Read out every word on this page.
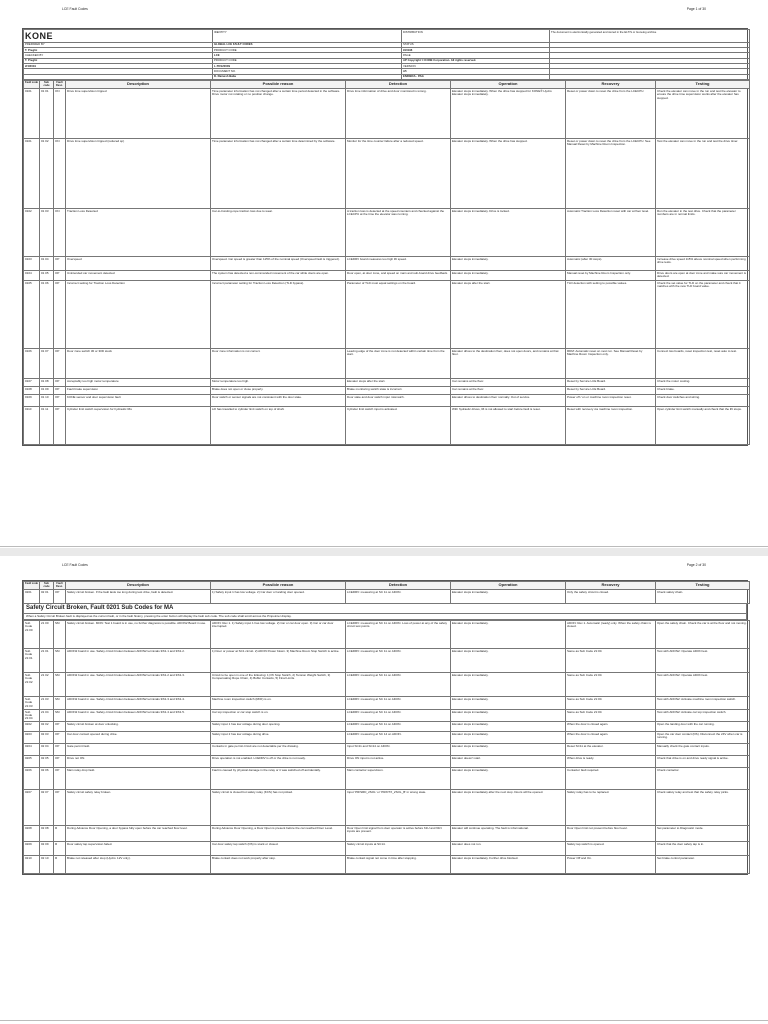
LCE Fault Codes	Page 1 of 30
KONE	IDENTITY	DISTRIBUTION	The document is electronically generated and stored in the ELT/S or Gonelog archive
PREPARED BY	GLOBAL LCE FAULT CODES	STATUS	
T. Preglic	PRODUCT CODE	910196	
CHECKED BY	LCE	PAGE	
T. Preglic	PRODUCT CODE	AP Copyright © KONE Corporation. All rights reserved.	
2/4/2019	L-TKS20009	VERSION	
	DOCUMENT NO.	A5	
	D. Ramesh Babu	ENR/EDA · PAG	
Fault code	Sub code	Fault Desc.	Description	Possible reason	Detection	Operation	Recovery	Testing
0101	01 01	ON	Drive time supervision tripped	Time parameter information has not changed after a certain time period detected in the software. Drive motor not rotating or no position change.	Drive time information of drive and door monitored is wrong.	Elevator stops immediately. When the drive has stopped for KONE® Hydro: Elevator stops immediately.	Reset or power down to reset the drive from the LCECPU.	Check the elevator can move in the run and test the elevator to ensure the drive time supervision works after the elevator has stopped.
0101	01 02	ON	Drive time supervision tripped (reduced sp)	Time parameter information has not changed after a certain time determined by the software.	Monitor for the time counter failure after a reduced speed.	Elevator stops immediately. When the drive has stopped.	Reset or power down to reset the drive from the LCECPU. See Manual Reset by Machine Room Inspection.	Test the elevator can move in the run and test the drive timer.
0102	01 03	ON	Traction Loss Detected	Car-to-hoisting-rope traction loss due to wear.	A traction loss is detected at the speed counters and checked against the LCECPU at the time the elevator was running.	Elevator stops immediately. Drive is locked.	Automatic Traction Loss Detection reset with car at floor level.	Run the elevator in the test drive. Check that the parameter numbers are in normal limits.
0103	01 04	OP	Overspeed	Overspeed. Car speed is greater than 115% of the nominal speed (Overspeed fault is triggered).	LCEDRV board measures too high lift speed.	Elevator stops immediately.	Automatic (after 30 stops).	Increase drive speed 115% above nominal speed when performing drive tests.
0104	01 05	OP	Unintended car movement detected	The system has detected a non-commanded movement of the car while doors are open.	Door open, at door zone, and speed on main and sub-board drive feedback.	Elevator stops immediately.	Manual reset by Machine Room Inspection only.	Drive doors are open at door zone and make sure car movement is detected.
0105	01 06	OP	Incorrect setting for Traction Loss Detection	Incorrect parameter setting for Traction Loss Detection (TLD bypass).	Parameter of TLD must equal settings on the board.	Elevator stops after the start.	TLD detection with setting to possible values.	Check the set value for TLD on the parameter and check that it matches with the new TLD board value.
0106	01 07	OP	Door zone switch 30 or 30D stuck	Door zone information is not correct.	Leaving edge of the door zone is not detected within certain time from the start.	Elevator drives to the destination floor, does not open doors, and remains at that floor.	RDM: Automatic reset on next run. See Manual Reset by Machine Room Inspection only.	Connect two boards, reset inspection test, reset auto to test.
0107	01 08	OP	Acceptably too high motor temperature	Motor temperature too high.	Elevator stops after the start.	Car remains at the floor.	Reset by Service LCE Board.	Check the motor cooling.
0108	01 09	OP	Fault brake supervision	Brake does not open or close properly.	Brake monitoring switch state is incorrect.	Car remains at the floor.	Reset by Service LCE Board.	Check brake.
0109	01 10	OP	KONE sensor and door supervision fault	Door switch or sensor signals are not consistent with the door state.	Door state and door switch input mismatch.	Elevator drives to destination floor normally. Out of service.	Power off / on or machine room inspection reset.	Check door switches and wiring.
0110	01 11	OP	Cylinder limit switch supervision for hydraulic lifts	Lift has travelled to cylinder limit switch on top of shaft.	Cylinder limit switch input is activated.	With hydraulic drives, lift is not allowed to start before fault is reset.	Reset with recovery via machine room inspection.	Open cylinder limit switch manually and check that the lift stops.
LCE Fault Codes	Page 2 of 30
Fault code	Sub code	Fault Desc.	Description	Possible reason	Detection	Operation	Recovery	Testing
0201	02 01	OP	Safety circuit broken. If the fault lasts too long during test drive, fault is detected.	1) Safety input 1 has low voltage. 2) Car door or landing door opened.	LCEDRV: measuring at SC 11 on ADON.	Elevator stops immediately.	Only the safety circuit is closed.	Check safety chain.
Safety Circuit Broken, Fault 0201 Sub Codes for MA
When a Safety Circuit Broken fault is displayed as the current fault, or in the fault history, pressing the enter button will display the fault sub code. The sub code shall scroll across the Pinpointer display.
Sub Code 21:00	21 00	SM	Safety circuit broken. MON: Test 1 board is in use, no further diagnosis is possible. ADON2 Board in use.	ADON: Rev 1. 1) Safety input 1 has low voltage. 2) Car or car door open. 3) Car or car door interrupted.	LCEDRV: measuring at SC 11 on ADON. Loss of power at any of the safety circuit test points.	Elevator stops immediately.	ADON: Rev 1. Automatic (ready) only. When the safety chain is closed.	Open the safety chain. Check the car is at the floor and not moving.
Sub Code 21:01	21 01	SM	ADON2 board in use. Safety circuit broken between ADON2 terminals 3/61.1 and 3/61.2.	1) Door or power at SC1 circuit. 2) ADON Power blown. 3) Machine Room Stop Switch is active.	LCEDRV: measuring at SC 11 on ADON.	Elevator stops immediately.	Same as Sub Code 21:00.	Test with ADON2: Operate ADON test.
Sub Code 21:02	21 02	SM	ADON2 board in use. Safety circuit broken between ADON2 terminals 3/61.2 and 3/61.3.	Circuit to be open in one of the following: 1) Pit Stop Switch, 2) Tension Weight Switch, 3) Compensating Rope Chain, 4) Buffer Contacts, 5) Final Limits.	LCEDRV: measuring at SC 11 on ADON.	Elevator stops immediately.	Same as Sub Code 21:00.	Test with ADON2: Operate ADON test.
Sub Code 21:03	21 03	SM	ADON2 board in use. Safety circuit broken between ADON2 terminals 3/61.3 and 3/61.4.	Machine room inspection switch (RDF) is on.	LCEDRV: measuring at SC 11 on ADON.	Elevator stops immediately.	Same as Sub Code 21:00.	Test with ADON2: Activate machine room inspection switch.
Sub Code 21:04	21 04	SM	ADON2 board in use. Safety circuit broken between ADON2 terminals 3/61.4 and 3/61.5.	Car top inspection or car stop switch is on.	LCEDRV: measuring at SC 11 on ADON.	Elevator stops immediately.	Same as Sub Code 21:00.	Test with ADON2: Activate car top inspection switch.
0202	02 02	OP	Safety circuit broken at door unlocking.	Safety input 1 has low voltage during door opening.	LCEDRV: measuring at SC 11 on ADON.	Elevator stops immediately.	When the door is closed again.	Open the landing door with the car running.
0203	02 03	OP	Car door contact opened during drive.	Safety input 2 has low voltage during drive.	LCEDRV: measuring at SC 14 on ADON.	Elevator stops immediately.	When the door is closed again.	Open the car door contact (DS). Disconnect the 24V when car is running.
0204	02 04	OP	Gate permit fault.	Contacts in gate permit circuit are not detectable per the drawing.	Input SC11 and SC14 on ADON.	Elevator stops immediately.	Reset SC11 at the elevator.	Manually check the gate contact inputs.
0205	02 05	OP	Drive not ON.	Drive operation is not enabled. LCEDRV is off or the drive is not ready.	Drive ON input is not active.	Elevator doesn't start.	When drive is ready.	Check that drive is on and drive ready signal is active.
0206	02 06	OP	Main relay drop fault.	Fault is caused by physical damage in the relay or it was switched off accidentally.	Main contactor supervision.	Elevator stops immediately.	Contactor fault required.	Check contactor.
0207	02 07	OP	Safety circuit safety relay broken.	Safety circuit is closed but safety relay (KCS) has not picked.	Input 'PR/SRD_2SOL' or 'PR/DTX_2SOL_B' in wrong state.	Elevator stops immediately after the next stop. Doors will be opened.	Safety relay has to be replaced.	Check safety relay and test that the safety relay picks.
0208	02 08	R	During Advance Door Opening, a door bypass fully open before the car reached floor level.	During Advance Door Opening, a Door Open is present before the car reached Floor Level.	Door Open limit signal from door operator is active before 61U and 61N inputs are present.	Elevator will continue operating. The fault is informational.	Door Open limit not present before floor level.	Set parameter to Diagnostic mode.
0209	02 09	R	Door safety tap supervision failed.	Car door safety tap switch (DS) is stuck or closed.	Safety circuit inputs at SC14.	Elevator does not run.	Safety tap switch is opened.	Check that the door safety tap is in.
0210	02 10	R	Brake not released after stop (Hydro: 12V only).	Brake contact does not work properly after stop.	Brake contact signal not come in time after stopping.	Elevator stops immediately. Further drive blocked.	Power Off and On.	Set brake control parameter.
